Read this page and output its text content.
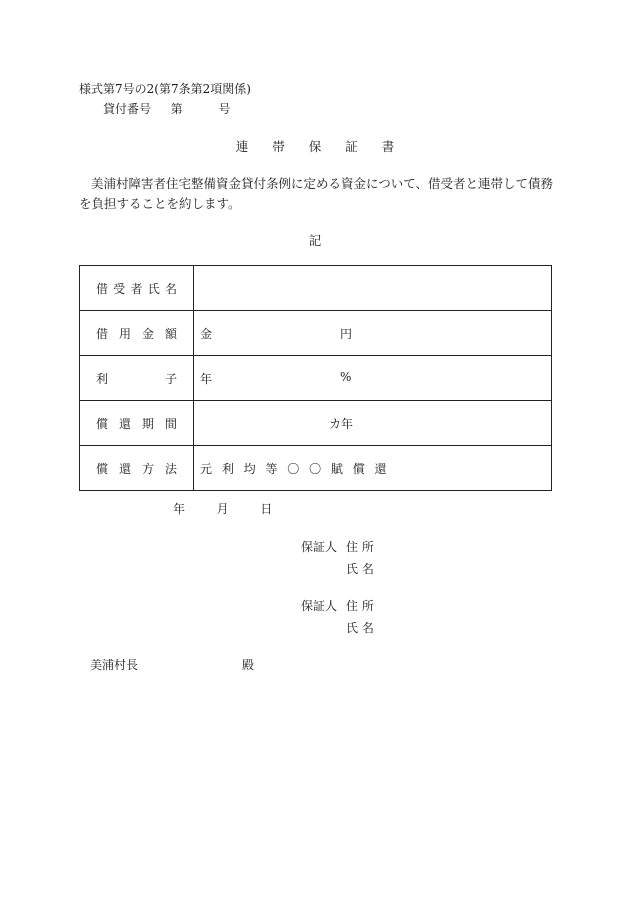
様式第7号の2(第7条第2項関係)
貸付番号 第	号
連 帯 保 証 書
美浦村障害者住宅整備資金貸付条例に定める資金について、借受者と連帯して債務を負担することを約します。
記
借 受 者 氏 名	

借 用 金 額	金 円

利 子	年 %

償 還 期 間	カ年

償 還 方 法	元 利 均 等 〇 〇 賦 償 還
年	月	日
保証人 住 所
氏 名
保証人 住 所
氏 名
美浦村長	殿
